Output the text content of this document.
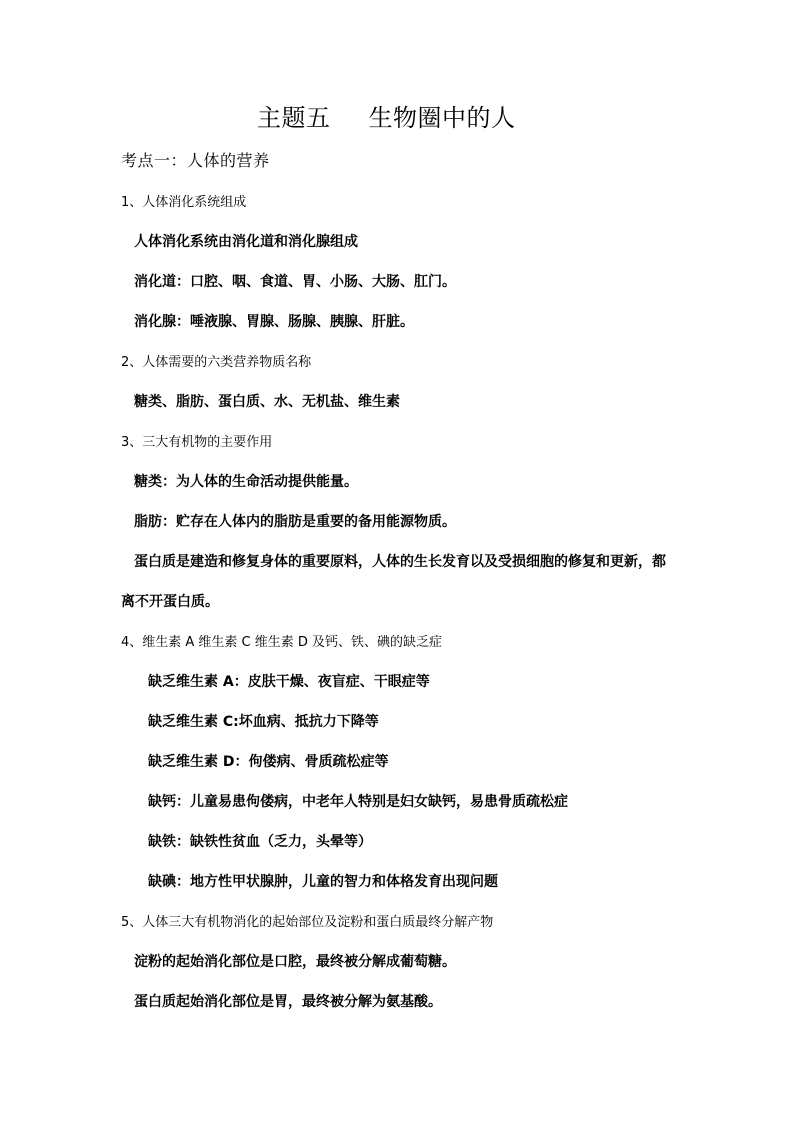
主题五 生物圈中的人
考点一：人体的营养
1、人体消化系统组成
人体消化系统由消化道和消化腺组成
消化道：口腔、咽、食道、胃、小肠、大肠、肛门。
消化腺：唾液腺、胃腺、肠腺、胰腺、肝脏。
2、人体需要的六类营养物质名称
糖类、脂肪、蛋白质、水、无机盐、维生素
3、三大有机物的主要作用
糖类：为人体的生命活动提供能量。
脂肪：贮存在人体内的脂肪是重要的备用能源物质。
蛋白质是建造和修复身体的重要原料，人体的生长发育以及受损细胞的修复和更新，都
离不开蛋白质。
4、维生素 A 维生素 C 维生素 D 及钙、铁、碘的缺乏症
缺乏维生素 A：皮肤干燥、夜盲症、干眼症等
缺乏维生素 C:坏血病、抵抗力下降等
缺乏维生素 D：佝偻病、骨质疏松症等
缺钙：儿童易患佝偻病，中老年人特别是妇女缺钙，易患骨质疏松症
缺铁：缺铁性贫血（乏力，头晕等）
缺碘：地方性甲状腺肿，儿童的智力和体格发育出现问题
5、人体三大有机物消化的起始部位及淀粉和蛋白质最终分解产物
淀粉的起始消化部位是口腔，最终被分解成葡萄糖。
蛋白质起始消化部位是胃，最终被分解为氨基酸。
